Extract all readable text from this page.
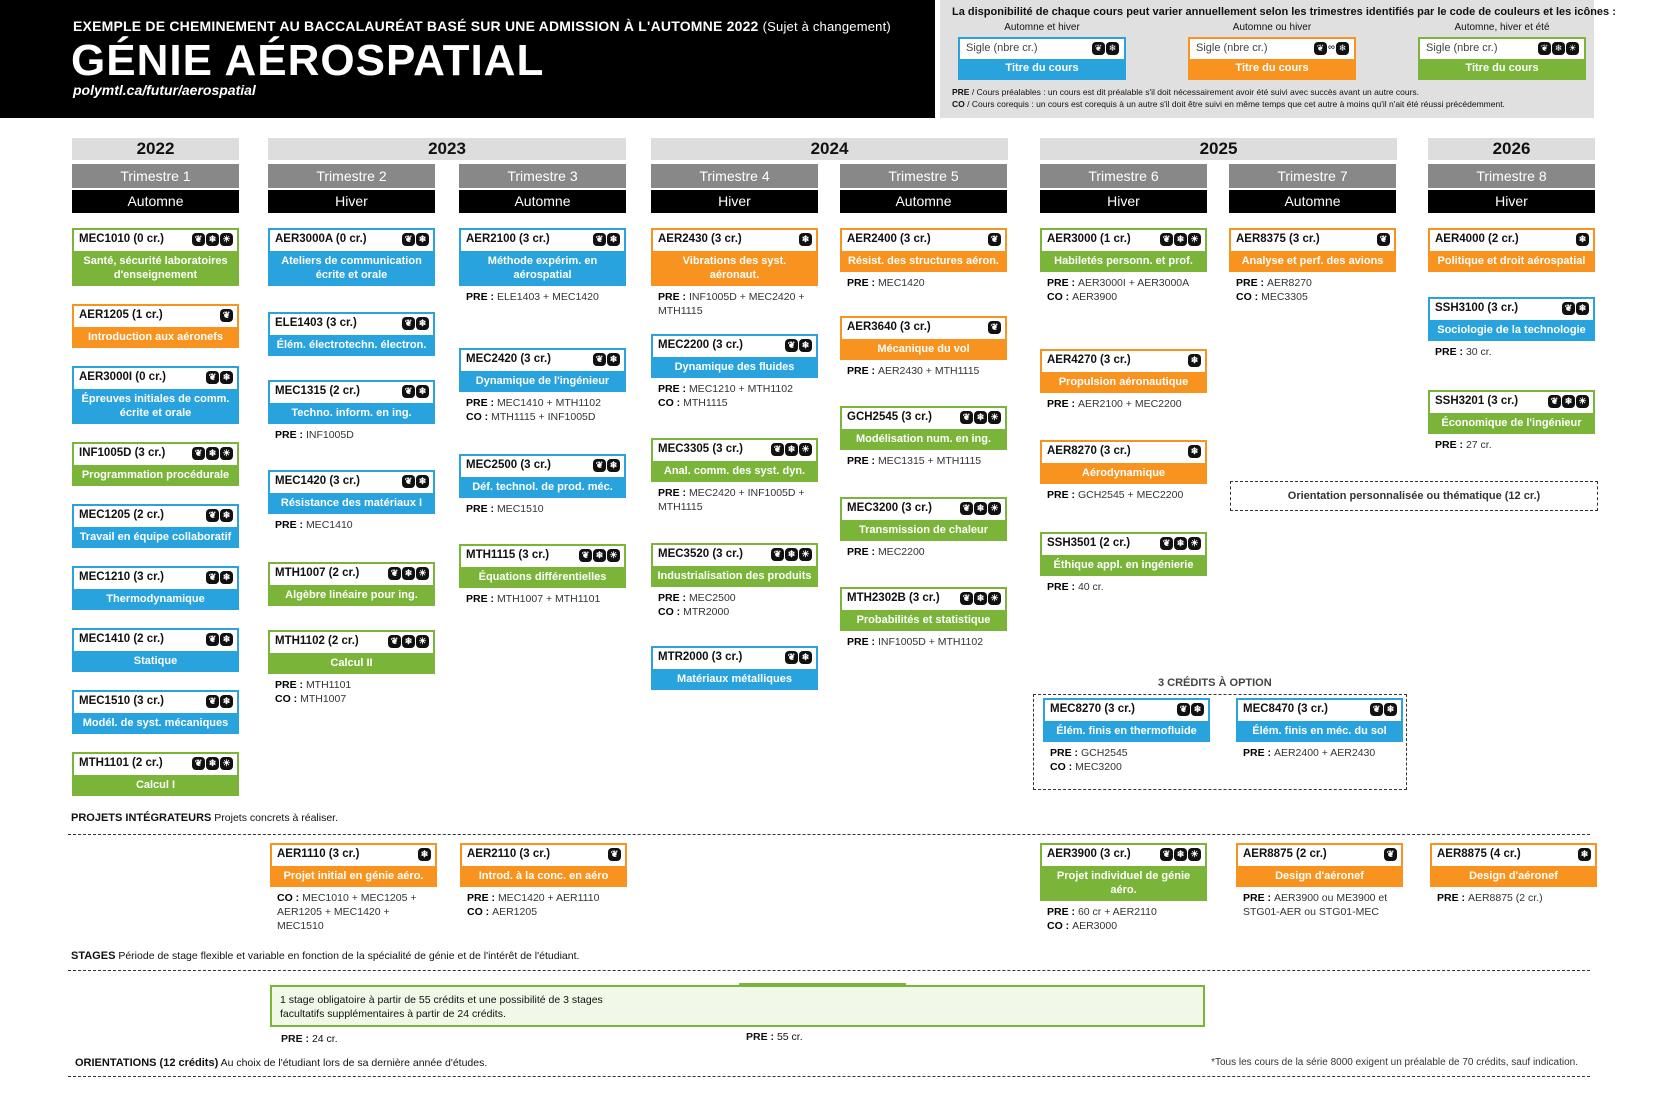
EXEMPLE DE CHEMINEMENT AU BACCALAURÉAT BASÉ SUR UNE ADMISSION À L'AUTOMNE 2022 (Sujet à changement)
GÉNIE AÉROSPATIAL
polymtl.ca/futur/aerospatial
La disponibilité de chaque cours peut varier annuellement selon les trimestres identifiés par le code de couleurs et les icônes :
Automne et hiver
Sigle (nbre cr.)	❦ ❄
Titre du cours
Automne ou hiver
Sigle (nbre cr.)	❦ ∞ ❄
Titre du cours
Automne, hiver et été
Sigle (nbre cr.)	❦ ❄ ☀
Titre du cours
PRE / Cours préalables : un cours est dit préalable s'il doit nécessairement avoir été suivi avec succès avant un autre cours.
CO / Cours corequis : un cours est corequis à un autre s'il doit être suivi en même temps que cet autre à moins qu'il n'ait été réussi précédemment.
2022	2023	2024	2025	2026
Trimestre 1
Automne
Trimestre 2
Hiver
Trimestre 3
Automne
Trimestre 4
Hiver
Trimestre 5
Automne
Trimestre 6
Hiver
Trimestre 7
Automne
Trimestre 8
Hiver
MEC1010 (0 cr.)	❦ ❄ ☀
Santé, sécurité laboratoires d'enseignement
AER1205 (1 cr.)	❦
Introduction aux aéronefs
AER3000I (0 cr.)	❦ ❄
Épreuves initiales de comm. écrite et orale
INF1005D (3 cr.)	❦ ❄ ☀
Programmation procédurale
MEC1205 (2 cr.)	❦ ❄
Travail en équipe collaboratif
MEC1210 (3 cr.)	❦ ❄
Thermodynamique
MEC1410 (2 cr.)	❦ ❄
Statique
MEC1510 (3 cr.)	❦ ❄
Modél. de syst. mécaniques
MTH1101 (2 cr.)	❦ ❄ ☀
Calcul I
AER3000A (0 cr.)	❦ ❄
Ateliers de communication écrite et orale
ELE1403 (3 cr.)	❦ ❄
Élém. électrotechn. électron.
MEC1315 (2 cr.)	❦ ❄
Techno. inform. en ing.
PRE : INF1005D
MEC1420 (3 cr.)	❦ ❄
Résistance des matériaux I
PRE : MEC1410
MTH1007 (2 cr.)	❦ ❄ ☀
Algèbre linéaire pour ing.
MTH1102 (2 cr.)	❦ ❄ ☀
Calcul II
PRE : MTH1101
CO : MTH1007
AER2100 (3 cr.)	❦ ❄
Méthode expérim. en aérospatial
PRE : ELE1403 + MEC1420
MEC2420 (3 cr.)	❦ ❄
Dynamique de l'ingénieur
PRE : MEC1410 + MTH1102
CO : MTH1115 + INF1005D
MEC2500 (3 cr.)	❦ ❄
Déf. technol. de prod. méc.
PRE : MEC1510
MTH1115 (3 cr.)	❦ ❄ ☀
Équations différentielles
PRE : MTH1007 + MTH1101
AER2430 (3 cr.)	❄
Vibrations des syst. aéronaut.
PRE : INF1005D + MEC2420 + MTH1115
MEC2200 (3 cr.)	❦ ❄
Dynamique des fluides
PRE : MEC1210 + MTH1102
CO : MTH1115
MEC3305 (3 cr.)	❦ ❄ ☀
Anal. comm. des syst. dyn.
PRE : MEC2420 + INF1005D + MTH1115
MEC3520 (3 cr.)	❦ ❄ ☀
Industrialisation des produits
PRE : MEC2500
CO : MTR2000
MTR2000 (3 cr.)	❦ ❄
Matériaux métalliques
AER2400 (3 cr.)	❦
Résist. des structures aéron.
PRE : MEC1420
AER3640 (3 cr.)	❦
Mécanique du vol
PRE : AER2430 + MTH1115
GCH2545 (3 cr.)	❦ ❄ ☀
Modélisation num. en ing.
PRE : MEC1315 + MTH1115
MEC3200 (3 cr.)	❦ ❄ ☀
Transmission de chaleur
PRE : MEC2200
MTH2302B (3 cr.)	❦ ❄ ☀
Probabilités et statistique
PRE : INF1005D + MTH1102
AER3000 (1 cr.)	❦ ❄ ☀
Habiletés personn. et prof.
PRE : AER3000I + AER3000A
CO : AER3900
AER4270 (3 cr.)	❄
Propulsion aéronautique
PRE : AER2100 + MEC2200
AER8270 (3 cr.)	❄
Aérodynamique
PRE : GCH2545 + MEC2200
SSH3501 (2 cr.)	❦ ❄ ☀
Éthique appl. en ingénierie
PRE : 40 cr.
AER8375 (3 cr.)	❦
Analyse et perf. des avions
PRE : AER8270
CO : MEC3305
AER4000 (2 cr.)	❄
Politique et droit aérospatial
SSH3100 (3 cr.)	❦ ❄
Sociologie de la technologie
PRE : 30 cr.
SSH3201 (3 cr.)	❦ ❄ ☀
Économique de l'ingénieur
PRE : 27 cr.
MEC8270 (3 cr.)	❦ ❄
Élém. finis en thermofluide
PRE : GCH2545
CO : MEC3200
MEC8470 (3 cr.)	❦ ❄
Élém. finis en méc. du sol
PRE : AER2400 + AER2430
AER1110 (3 cr.)	❄
Projet initial en génie aéro.
CO : MEC1010 + MEC1205 + AER1205 + MEC1420 + MEC1510
AER2110 (3 cr.)	❦
Introd. à la conc. en aéro
PRE : MEC1420 + AER1110
CO : AER1205
AER3900 (3 cr.)	❦ ❄ ☀
Projet individuel de génie aéro.
PRE : 60 cr + AER2110
CO : AER3000
AER8875 (2 cr.)	❦
Design d'aéronef
PRE : AER3900 ou ME3900 et STG01-AER ou STG01-MEC
AER8875 (4 cr.)	❄
Design d'aéronef
PRE : AER8875 (2 cr.)
PROJETS INTÉGRATEURS Projets concrets à réaliser.
STAGES Période de stage flexible et variable en fonction de la spécialité de génie et de l'intérêt de l'étudiant.
ORIENTATIONS (12 crédits) Au choix de l'étudiant lors de sa dernière année d'études.
Orientation personnalisée ou thématique (12 cr.)
3 CRÉDITS À OPTION
1 stage obligatoire à partir de 55 crédits et une possibilité de 3 stages facultatifs supplémentaires à partir de 24 crédits.
PRE : 24 cr.	PRE : 55 cr.
*Tous les cours de la série 8000 exigent un préalable de 70 crédits, sauf indication.
